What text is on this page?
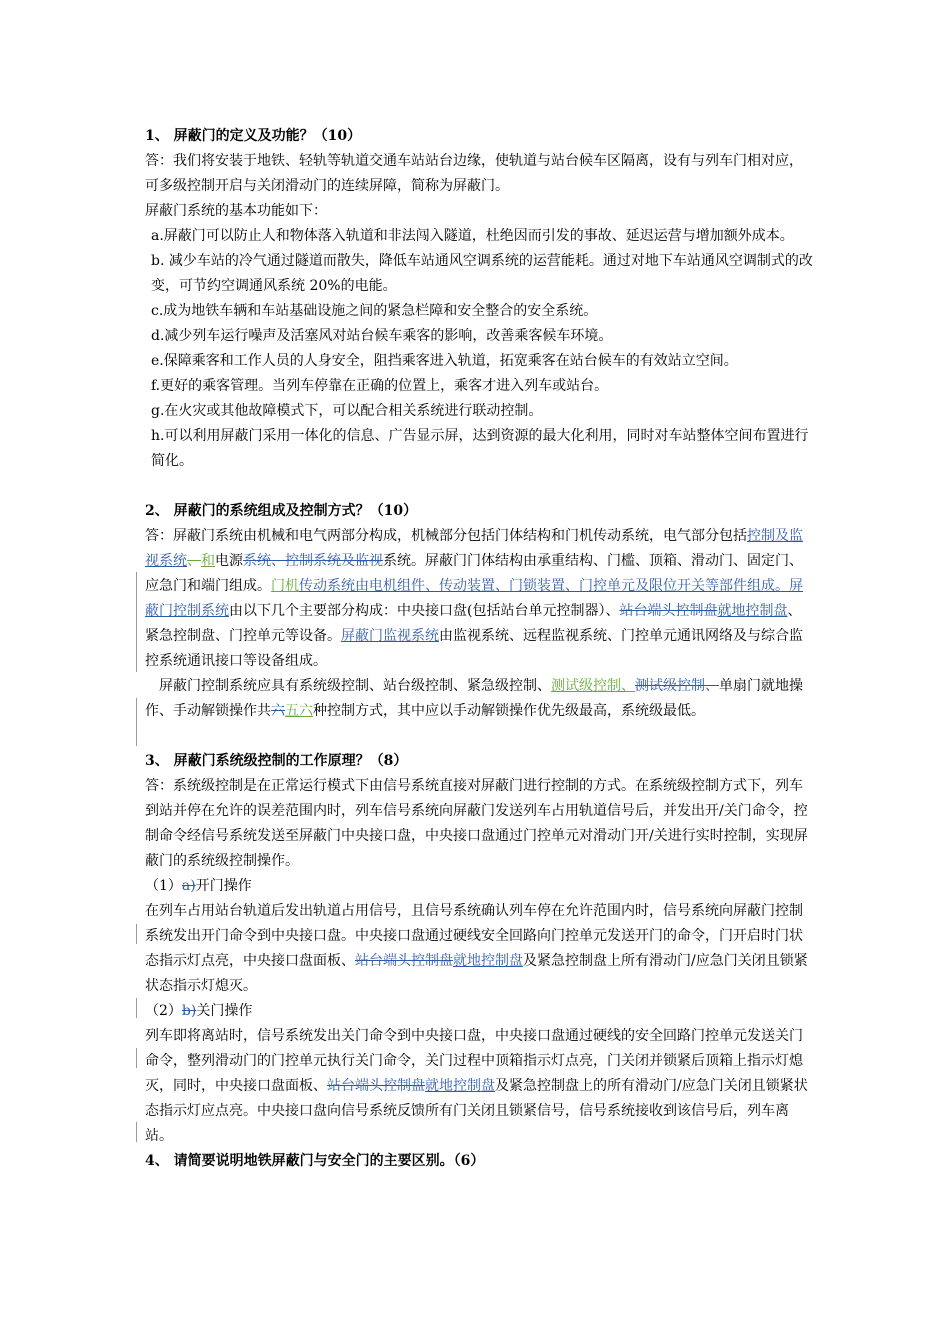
1、 屏蔽门的定义及功能？（10）

答：我们将安装于地铁、轻轨等轨道交通车站站台边缘，使轨道与站台候车区隔离，设有与列车门相对应，可多级控制开启与关闭滑动门的连续屏障，简称为屏蔽门。

屏蔽门系统的基本功能如下：

a.屏蔽门可以防止人和物体落入轨道和非法闯入隧道，杜绝因而引发的事故、延迟运营与增加额外成本。

b. 减少车站的冷气通过隧道而散失，降低车站通风空调系统的运营能耗。通过对地下车站通风空调制式的改变，可节约空调通风系统 20%的电能。

c.成为地铁车辆和车站基础设施之间的紧急栏障和安全整合的安全系统。

d.减少列车运行噪声及活塞风对站台候车乘客的影响，改善乘客候车环境。

e.保障乘客和工作人员的人身安全，阻挡乘客进入轨道，拓宽乘客在站台候车的有效站立空间。

f.更好的乘客管理。当列车停靠在正确的位置上，乘客才进入列车或站台。

g.在火灾或其他故障模式下，可以配合相关系统进行联动控制。

h.可以利用屏蔽门采用一体化的信息、广告显示屏，达到资源的最大化利用，同时对车站整体空间布置进行简化。

2、 屏蔽门的系统组成及控制方式？（10）

答：屏蔽门系统由机械和电气两部分构成，机械部分包括门体结构和门机传动系统，电气部分包括控制及监视系统、和电源系统、控制系统及监视系统。屏蔽门门体结构由承重结构、门槛、顶箱、滑动门、固定门、应急门和端门组成。门机传动系统由电机组件、传动装置、门锁装置、门控单元及限位开关等部件组成。屏蔽门控制系统由以下几个主要部分构成：中央接口盘(包括站台单元控制器）、站台端头控制盘就地控制盘、紧急控制盘、门控单元等设备。屏蔽门监视系统由监视系统、远程监视系统、门控单元通讯网络及与综合监控系统通讯接口等设备组成。

屏蔽门控制系统应具有系统级控制、站台级控制、紧急级控制、测试级控制、测试级控制、单扇门就地操作、手动解锁操作共六五六种控制方式，其中应以手动解锁操作优先级最高，系统级最低。

3、 屏蔽门系统级控制的工作原理？（8）

答：系统级控制是在正常运行模式下由信号系统直接对屏蔽门进行控制的方式。在系统级控制方式下，列车到站并停在允许的误差范围内时，列车信号系统向屏蔽门发送列车占用轨道信号后，并发出开/关门命令，控制命令经信号系统发送至屏蔽门中央接口盘，中央接口盘通过门控单元对滑动门开/关进行实时控制，实现屏蔽门的系统级控制操作。

（1）a)开门操作

在列车占用站台轨道后发出轨道占用信号，且信号系统确认列车停在允许范围内时，信号系统向屏蔽门控制系统发出开门命令到中央接口盘。中央接口盘通过硬线安全回路向门控单元发送开门的命令，门开启时门状态指示灯点亮，中央接口盘面板、站台端头控制盘就地控制盘及紧急控制盘上所有滑动门/应急门关闭且锁紧状态指示灯熄灭。

（2）b)关门操作

列车即将离站时，信号系统发出关门命令到中央接口盘，中央接口盘通过硬线的安全回路门控单元发送关门命令，整列滑动门的门控单元执行关门命令，关门过程中顶箱指示灯点亮，门关闭并锁紧后顶箱上指示灯熄灭，同时，中央接口盘面板、站台端头控制盘就地控制盘及紧急控制盘上的所有滑动门/应急门关闭且锁紧状态指示灯应点亮。中央接口盘向信号系统反馈所有门关闭且锁紧信号，信号系统接收到该信号后，列车离站。

4、 请简要说明地铁屏蔽门与安全门的主要区别。（6）
